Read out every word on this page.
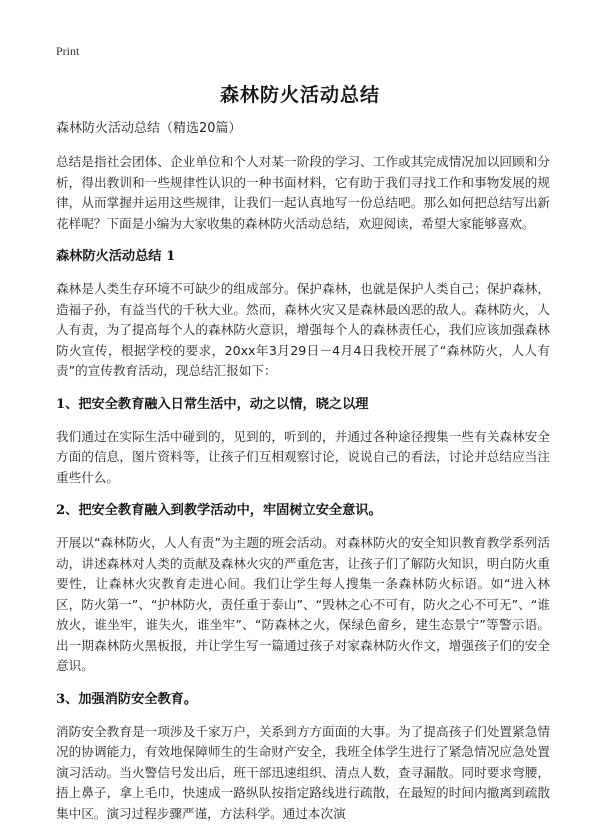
Print
森林防火活动总结
森林防火活动总结（精选20篇）

总结是指社会团体、企业单位和个人对某一阶段的学习、工作或其完成情况加以回顾和分析，得出教训和一些规律性认识的一种书面材料，它有助于我们寻找工作和事物发展的规律，从而掌握并运用这些规律，让我们一起认真地写一份总结吧。那么如何把总结写出新花样呢？下面是小编为大家收集的森林防火活动总结，欢迎阅读，希望大家能够喜欢。

森林防火活动总结 1

森林是人类生存环境不可缺少的组成部分。保护森林，也就是保护人类自己；保护森林，造福子孙，有益当代的千秋大业。然而，森林火灾又是森林最凶恶的敌人。森林防火，人人有责，为了提高每个人的森林防火意识，增强每个人的森林责任心，我们应该加强森林防火宣传，根据学校的要求，20xx年3月29日－4月4日我校开展了“森林防火，人人有责”的宣传教育活动，现总结汇报如下：

1、把安全教育融入日常生活中，动之以情，晓之以理

我们通过在实际生活中碰到的，见到的，听到的，并通过各种途径搜集一些有关森林安全方面的信息，图片资料等，让孩子们互相观察讨论，说说自己的看法，讨论并总结应当注重些什么。

2、把安全教育融入到教学活动中，牢固树立安全意识。

开展以“森林防火，人人有责”为主题的班会活动。对森林防火的安全知识教育教学系列活动，讲述森林对人类的贡献及森林火灾的严重危害，让孩子们了解防火知识，明白防火重要性，让森林火灾教育走进心间。我们让学生每人搜集一条森林防火标语。如“进入林区，防火第一”、“护林防火，责任重于泰山”、“毁林之心不可有，防火之心不可无”、“谁放火，谁坐牢，谁失火，谁坐牢”、“防森林之火，保绿色畲乡，建生态景宁”等警示语。出一期森林防火黑板报，并让学生写一篇通过孩子对家森林防火作文，增强孩子们的安全意识。

3、加强消防安全教育。

消防安全教育是一项涉及千家万户，关系到方方面面的大事。为了提高孩子们处置紧急情况的协调能力，有效地保障师生的生命财产安全，我班全体学生进行了紧急情况应急处置演习活动。当火警信号发出后，班干部迅速组织、清点人数，查寻漏散。同时要求弯腰，捂上鼻子，拿上毛巾，快速成一路纵队按指定路线进行疏散，在最短的时间内撤离到疏散集中区。演习过程步骤严谨，方法科学。通过本次演
